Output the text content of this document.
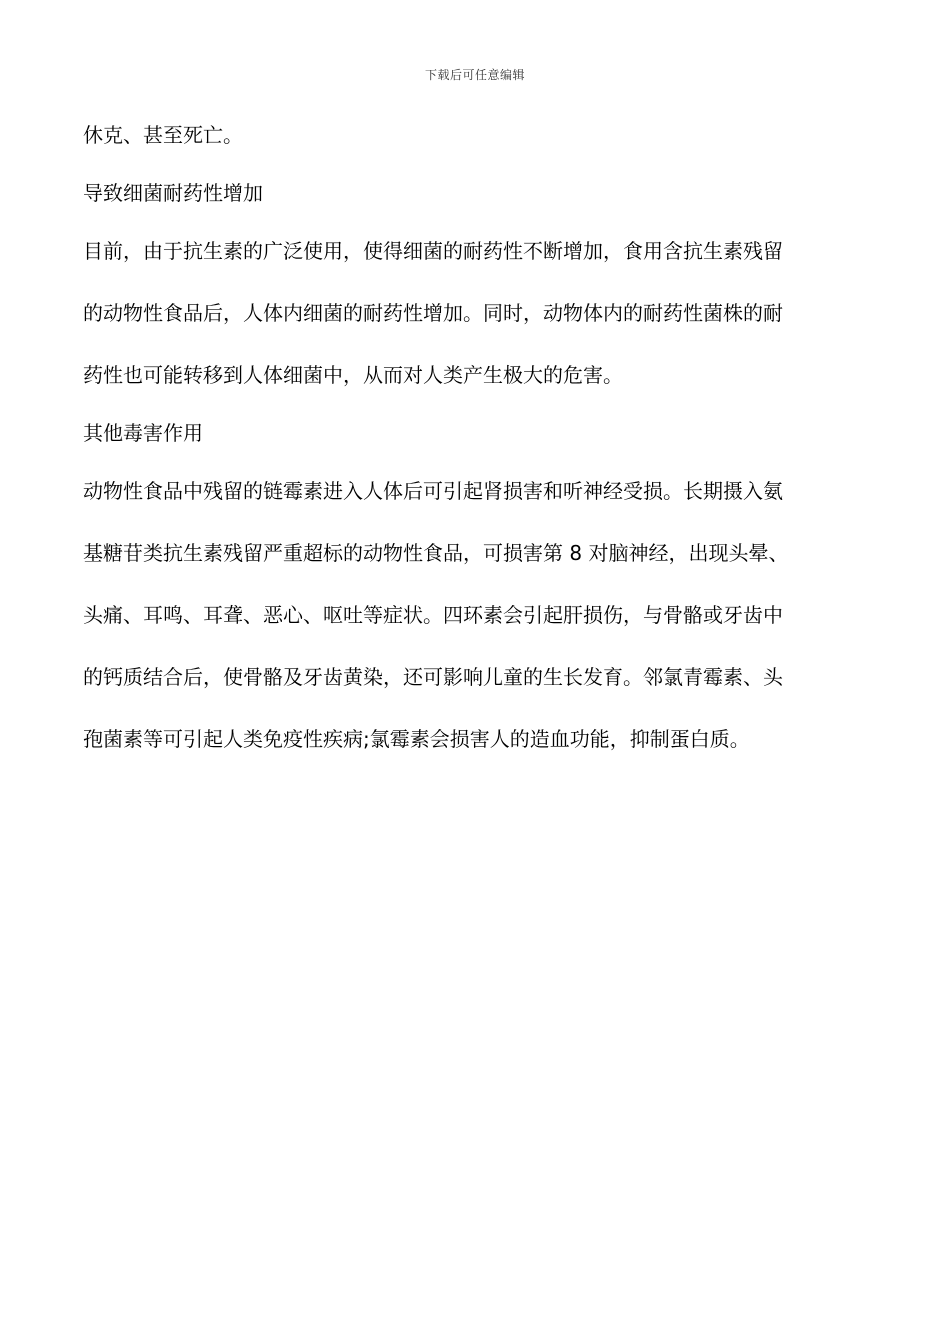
下载后可任意编辑
休克、甚至死亡。
导致细菌耐药性增加
目前，由于抗生素的广泛使用，使得细菌的耐药性不断增加，食用含抗生素残留
的动物性食品后，人体内细菌的耐药性增加。同时，动物体内的耐药性菌株的耐
药性也可能转移到人体细菌中，从而对人类产生极大的危害。
其他毒害作用
动物性食品中残留的链霉素进入人体后可引起肾损害和听神经受损。长期摄入氨
基糖苷类抗生素残留严重超标的动物性食品，可损害第 8 对脑神经，出现头晕、
头痛、耳鸣、耳聋、恶心、呕吐等症状。四环素会引起肝损伤，与骨骼或牙齿中
的钙质结合后，使骨骼及牙齿黄染，还可影响儿童的生长发育。邻氯青霉素、头
孢菌素等可引起人类免疫性疾病;氯霉素会损害人的造血功能，抑制蛋白质。
